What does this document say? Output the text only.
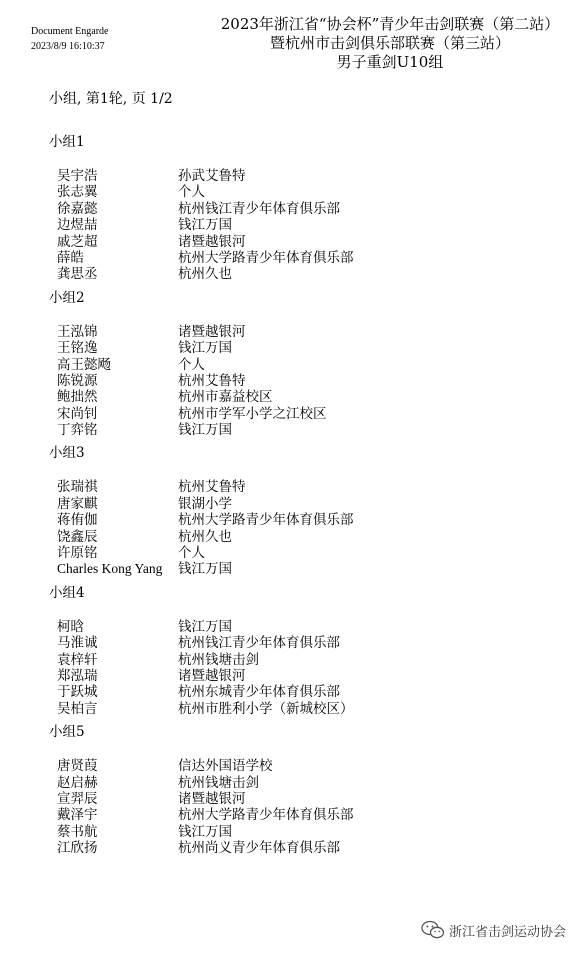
Document Engarde
2023/8/9 16:10:37
2023年浙江省“协会杯”青少年击剑联赛（第二站）
暨杭州市击剑俱乐部联赛（第三站）
男子重剑U10组
小组, 第1轮, 页 1/2
小组1
吴宇浩	孙武艾鲁特
张志翼	个人
徐嘉懿	杭州钱江青少年体育俱乐部
边煜喆	钱江万国
戚芝超	诸暨越银河
薛皓	杭州大学路青少年体育俱乐部
龚思丞	杭州久也
小组2
王泓锦	诸暨越银河
王铭逸	钱江万国
高王懿飏	个人
陈锐源	杭州艾鲁特
鲍拙然	杭州市嘉益校区
宋尚钊	杭州市学军小学之江校区
丁弈铭	钱江万国
小组3
张瑞祺	杭州艾鲁特
唐家麒	银湖小学
蒋侑伽	杭州大学路青少年体育俱乐部
饶鑫辰	杭州久也
许原铭	个人
Charles Kong Yang 钱江万国
小组4
柯晗	钱江万国
马淮诚	杭州钱江青少年体育俱乐部
袁梓轩	杭州钱塘击剑
郑泓瑞	诸暨越银河
于跃城	杭州东城青少年体育俱乐部
吴柏言	杭州市胜利小学（新城校区）
小组5
唐贤葭	信达外国语学校
赵启赫	杭州钱塘击剑
宣羿辰	诸暨越银河
戴泽宇	杭州大学路青少年体育俱乐部
蔡书航	钱江万国
江欣扬	杭州尚义青少年体育俱乐部
浙江省击剑运动协会
